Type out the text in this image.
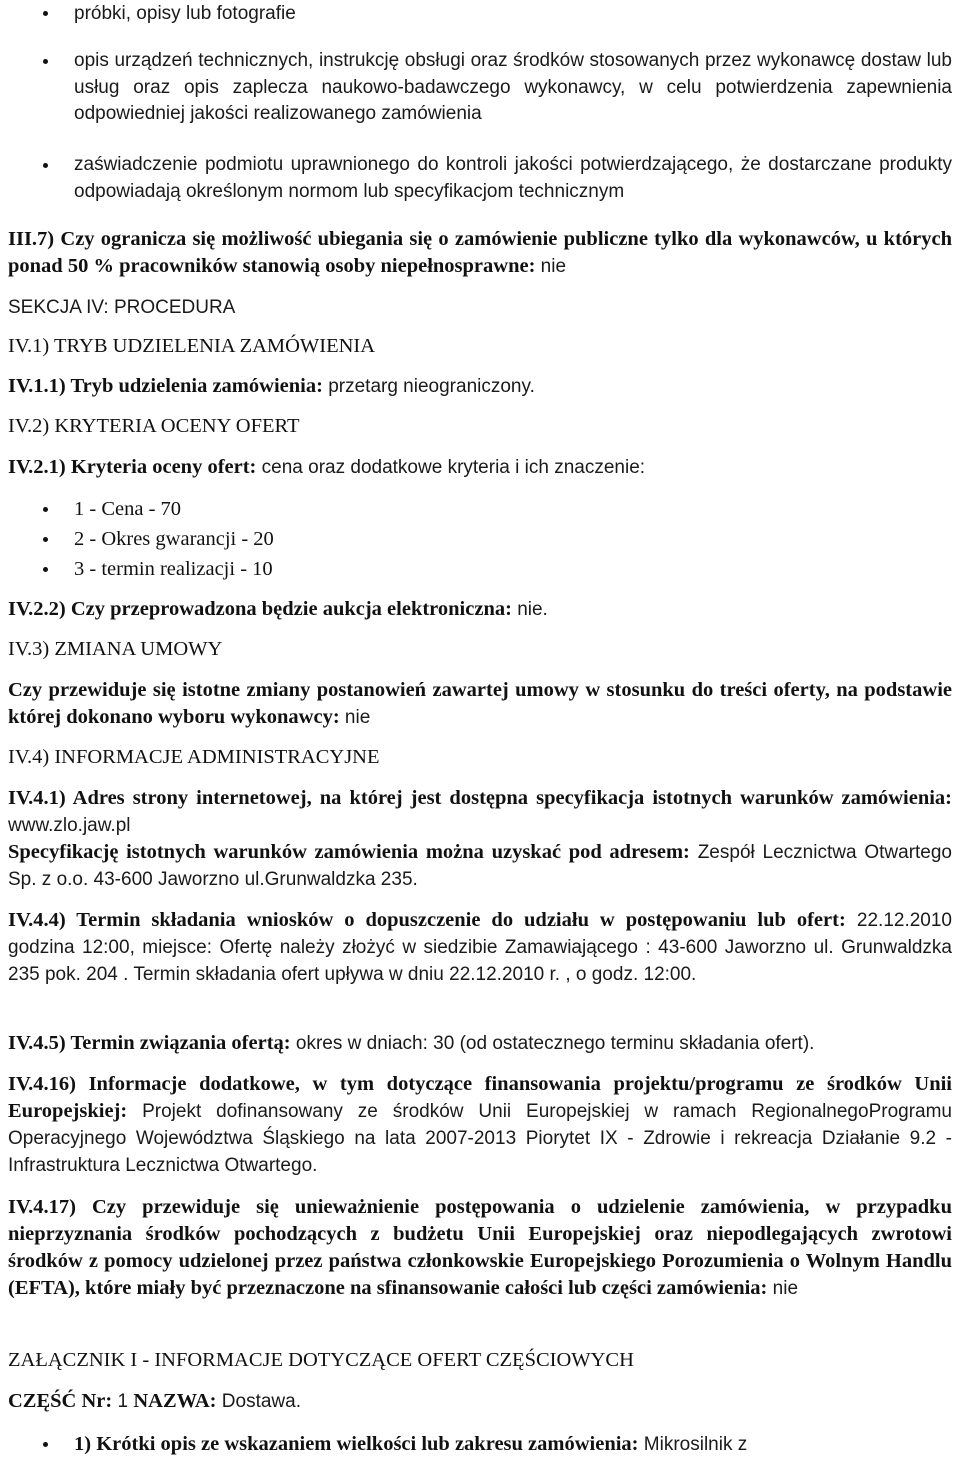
próbki, opisy lub fotografie

opis urządzeń technicznych, instrukcję obsługi oraz środków stosowanych przez wykonawcę dostaw lub usług oraz opis zaplecza naukowo-badawczego wykonawcy, w celu potwierdzenia zapewnienia odpowiedniej jakości realizowanego zamówienia

zaświadczenie podmiotu uprawnionego do kontroli jakości potwierdzającego, że dostarczane produkty odpowiadają określonym normom lub specyfikacjom technicznym

III.7) Czy ogranicza się możliwość ubiegania się o zamówienie publiczne tylko dla wykonawców, u których ponad 50 % pracowników stanowią osoby niepełnosprawne: nie

SEKCJA IV: PROCEDURA

IV.1) TRYB UDZIELENIA ZAMÓWIENIA

IV.1.1) Tryb udzielenia zamówienia: przetarg nieograniczony.

IV.2) KRYTERIA OCENY OFERT

IV.2.1) Kryteria oceny ofert: cena oraz dodatkowe kryteria i ich znaczenie:

1 - Cena - 70

2 - Okres gwarancji - 20

3 - termin realizacji - 10

IV.2.2) Czy przeprowadzona będzie aukcja elektroniczna: nie.

IV.3) ZMIANA UMOWY

Czy przewiduje się istotne zmiany postanowień zawartej umowy w stosunku do treści oferty, na podstawie której dokonano wyboru wykonawcy: nie

IV.4) INFORMACJE ADMINISTRACYJNE

IV.4.1) Adres strony internetowej, na której jest dostępna specyfikacja istotnych warunków zamówienia: www.zlo.jaw.pl
Specyfikację istotnych warunków zamówienia można uzyskać pod adresem: Zespół Lecznictwa Otwartego Sp. z o.o. 43-600 Jaworzno ul.Grunwaldzka 235.

IV.4.4) Termin składania wniosków o dopuszczenie do udziału w postępowaniu lub ofert: 22.12.2010 godzina 12:00, miejsce: Ofertę należy złożyć w siedzibie Zamawiającego : 43-600 Jaworzno ul. Grunwaldzka 235 pok. 204 . Termin składania ofert upływa w dniu 22.12.2010 r. , o godz. 12:00.

IV.4.5) Termin związania ofertą: okres w dniach: 30 (od ostatecznego terminu składania ofert).

IV.4.16) Informacje dodatkowe, w tym dotyczące finansowania projektu/programu ze środków Unii Europejskiej: Projekt dofinansowany ze środków Unii Europejskiej w ramach RegionalnegoProgramu Operacyjnego Województwa Śląskiego na lata 2007-2013 Piorytet IX - Zdrowie i rekreacja Działanie 9.2 - Infrastruktura Lecznictwa Otwartego.

IV.4.17) Czy przewiduje się unieważnienie postępowania o udzielenie zamówienia, w przypadku nieprzyznania środków pochodzących z budżetu Unii Europejskiej oraz niepodlegających zwrotowi środków z pomocy udzielonej przez państwa członkowskie Europejskiego Porozumienia o Wolnym Handlu (EFTA), które miały być przeznaczone na sfinansowanie całości lub części zamówienia: nie

ZAŁĄCZNIK I - INFORMACJE DOTYCZĄCE OFERT CZĘŚCIOWYCH

CZĘŚĆ Nr: 1 NAZWA: Dostawa.

1) Krótki opis ze wskazaniem wielkości lub zakresu zamówienia: Mikrosilnik z
